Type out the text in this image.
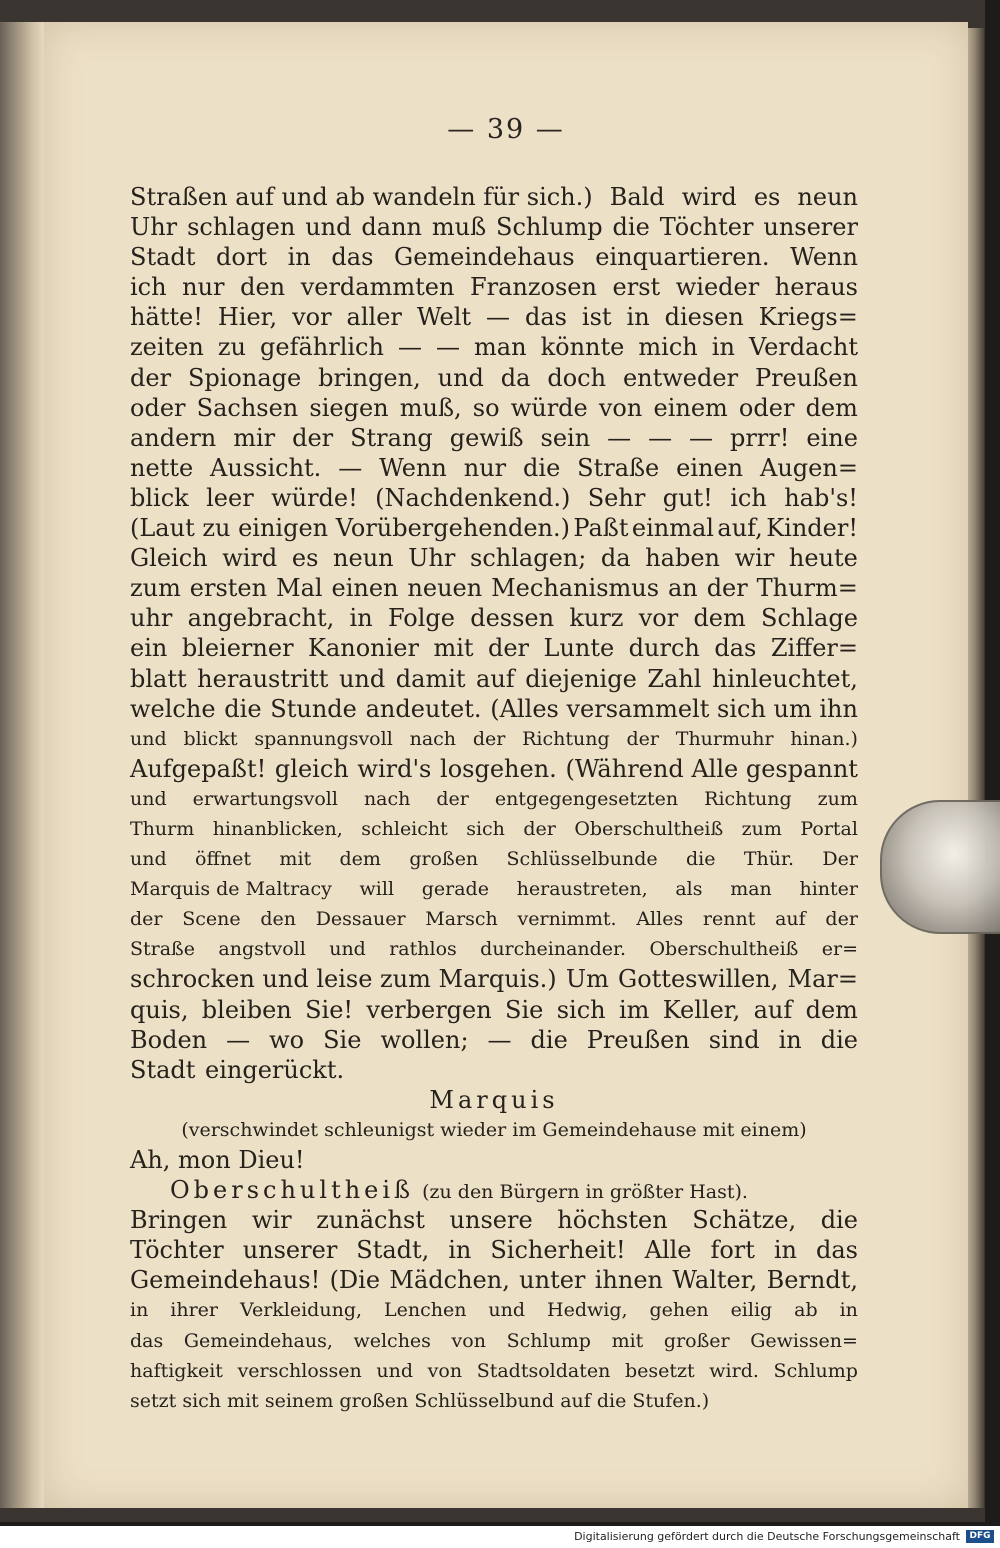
— 39 —
Straßen auf und ab wandeln für sich.) Bald wird es neun
Uhr schlagen und dann muß Schlump die Töchter unserer
Stadt dort in das Gemeindehaus einquartieren. Wenn
ich nur den verdammten Franzosen erst wieder heraus
hätte! Hier, vor aller Welt — das ist in diesen Kriegs=
zeiten zu gefährlich — — man könnte mich in Verdacht
der Spionage bringen, und da doch entweder Preußen
oder Sachsen siegen muß, so würde von einem oder dem
andern mir der Strang gewiß sein — — — prrr! eine
nette Aussicht. — Wenn nur die Straße einen Augen=
blick leer würde! (Nachdenkend.) Sehr gut! ich hab's!
(Laut zu einigen Vorübergehenden.) Paßt einmal auf, Kinder!
Gleich wird es neun Uhr schlagen; da haben wir heute
zum ersten Mal einen neuen Mechanismus an der Thurm=
uhr angebracht, in Folge dessen kurz vor dem Schlage
ein bleierner Kanonier mit der Lunte durch das Ziffer=
blatt heraustritt und damit auf diejenige Zahl hinleuchtet,
welche die Stunde andeutet. (Alles versammelt sich um ihn
und blickt spannungsvoll nach der Richtung der Thurmuhr hinan.)
Aufgepaßt! gleich wird's losgehen. (Während Alle gespannt
und erwartungsvoll nach der entgegengesetzten Richtung zum
Thurm hinanblicken, schleicht sich der Oberschultheiß zum Portal
und öffnet mit dem großen Schlüsselbunde die Thür. Der
Marquis de Maltracy will gerade heraustreten, als man hinter
der Scene den Dessauer Marsch vernimmt. Alles rennt auf der
Straße angstvoll und rathlos durcheinander. Oberschultheiß er=
schrocken und leise zum Marquis.) Um Gotteswillen, Mar=
quis, bleiben Sie! verbergen Sie sich im Keller, auf dem
Boden — wo Sie wollen; — die Preußen sind in die
Stadt eingerückt.
Marquis
(verschwindet schleunigst wieder im Gemeindehause mit einem)
Ah, mon Dieu!
Oberschultheiß (zu den Bürgern in größter Hast).
Bringen wir zunächst unsere höchsten Schätze, die
Töchter unserer Stadt, in Sicherheit! Alle fort in das
Gemeindehaus! (Die Mädchen, unter ihnen Walter, Berndt,
in ihrer Verkleidung, Lenchen und Hedwig, gehen eilig ab in
das Gemeindehaus, welches von Schlump mit großer Gewissen=
haftigkeit verschlossen und von Stadtsoldaten besetzt wird. Schlump
setzt sich mit seinem großen Schlüsselbund auf die Stufen.)
Digitalisierung gefördert durch die Deutsche Forschungsgemeinschaft	DFG
